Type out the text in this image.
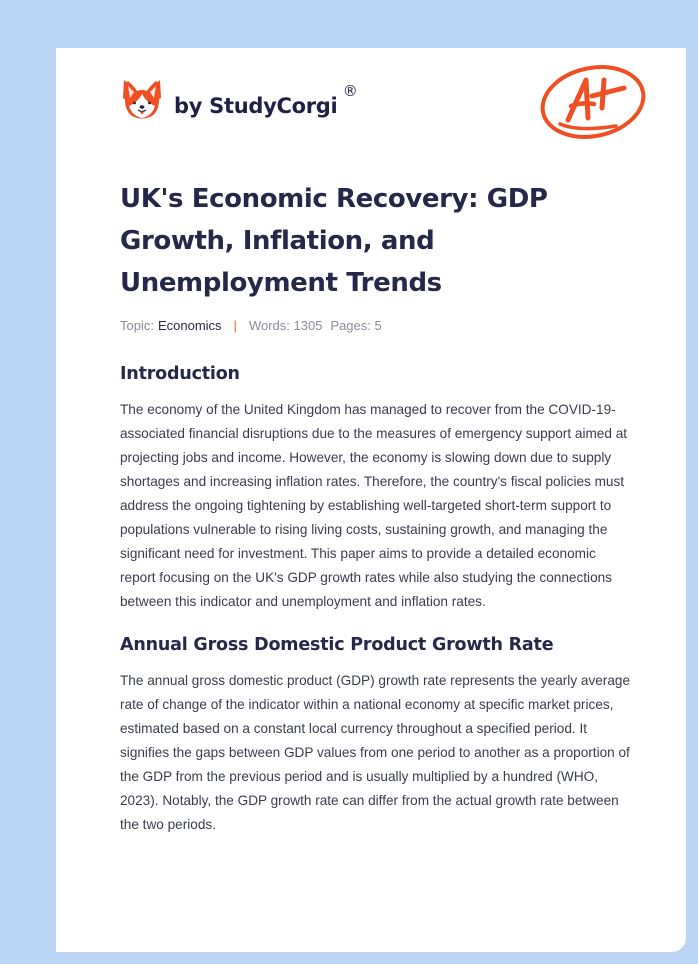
by StudyCorgi
®
UK's Economic Recovery: GDP Growth, Inflation, and Unemployment Trends
Topic: Economics | Words: 1305 Pages: 5
Introduction

The economy of the United Kingdom has managed to recover from the COVID-19-associated financial disruptions due to the measures of emergency support aimed at projecting jobs and income. However, the economy is slowing down due to supply shortages and increasing inflation rates. Therefore, the country's fiscal policies must address the ongoing tightening by establishing well-targeted short-term support to populations vulnerable to rising living costs, sustaining growth, and managing the significant need for investment. This paper aims to provide a detailed economic report focusing on the UK's GDP growth rates while also studying the connections between this indicator and unemployment and inflation rates.

Annual Gross Domestic Product Growth Rate

The annual gross domestic product (GDP) growth rate represents the yearly average rate of change of the indicator within a national economy at specific market prices, estimated based on a constant local currency throughout a specified period. It signifies the gaps between GDP values from one period to another as a proportion of the GDP from the previous period and is usually multiplied by a hundred (WHO, 2023). Notably, the GDP growth rate can differ from the actual growth rate between the two periods.
